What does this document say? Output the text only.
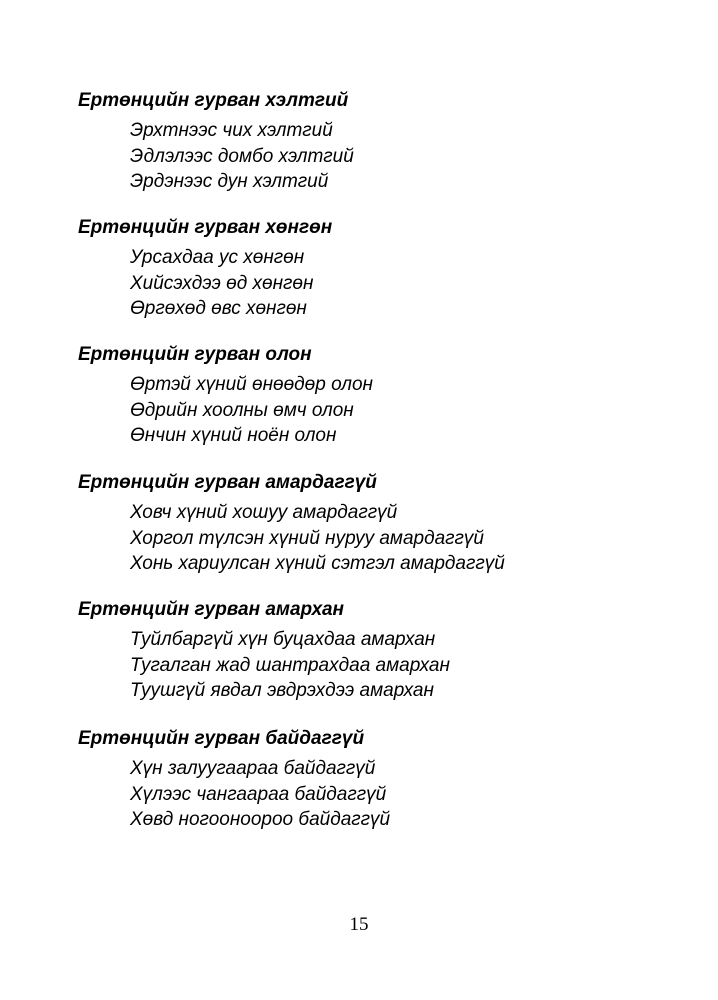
Ертөнцийн гурван хэлтгий
Эрхтнээс чих хэлтгий
Эдлэлээс домбо хэлтгий
Эрдэнээс дун хэлтгий
Ертөнцийн гурван хөнгөн
Урсахдаа ус хөнгөн
Хийсэхдээ өд хөнгөн
Өргөхөд өвс хөнгөн
Ертөнцийн гурван олон
Өртэй хүний өнөөдөр олон
Өдрийн хоолны өмч олон
Өнчин хүний ноён олон
Ертөнцийн гурван амардаггүй
Ховч хүний хошуу амардаггүй
Хоргол түлсэн хүний нуруу амардаггүй
Хонь хариулсан хүний сэтгэл амардаггүй
Ертөнцийн гурван амархан
Туйлбаргүй хүн буцахдаа амархан
Тугалган жад шантрахдаа амархан
Туушгүй явдал эвдрэхдээ амархан
Ертөнцийн гурван байдаггүй
Хүн залуугаараа байдаггүй
Хүлээс чангаараа байдаггүй
Хөвд ногооноороо байдаггүй
15
